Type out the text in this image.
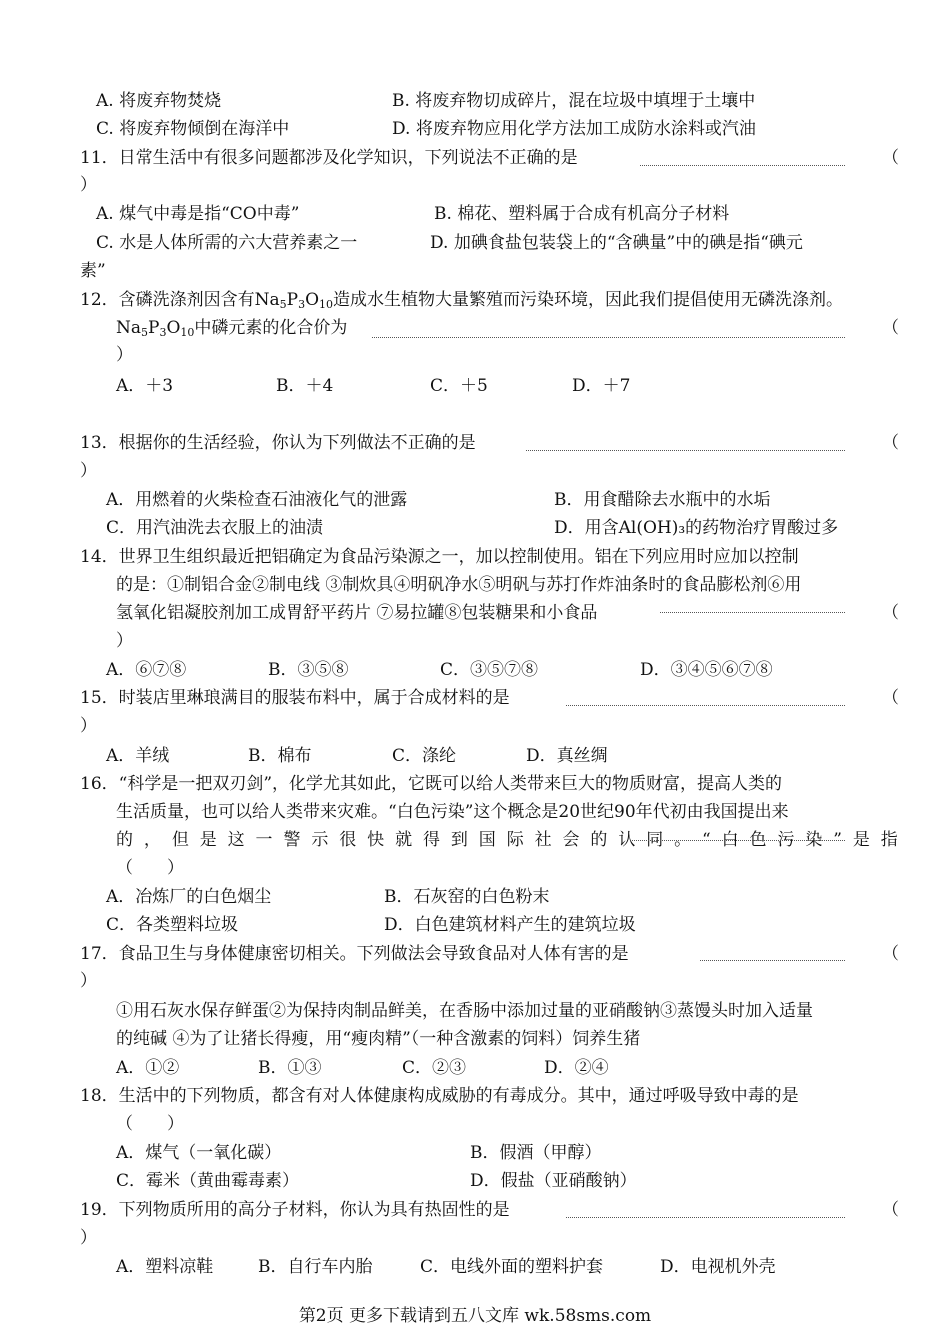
A. 将废弃物焚烧	B. 将废弃物切成碎片，混在垃圾中填埋于土壤中
C. 将废弃物倾倒在海洋中	D. 将废弃物应用化学方法加工成防水涂料或汽油
11．日常生活中有很多问题都涉及化学知识，下列说法不正确的是	（
）
A. 煤气中毒是指“CO中毒”	B. 棉花、塑料属于合成有机高分子材料
C. 水是人体所需的六大营养素之一	D. 加碘食盐包装袋上的“含碘量”中的碘是指“碘元
素”
12．含磷洗涤剂因含有$Na_5P_3O_{10}$造成水生植物大量繁殖而污染环境，因此我们提倡使用无磷洗涤剂。
$Na_5P_3O_{10}$中磷元素的化合价为	（
）
A．＋3	B．＋4	C．＋5	D．＋7
13．根据你的生活经验，你认为下列做法不正确的是	（
）
A．用燃着的火柴检查石油液化气的泄露	B．用食醋除去水瓶中的水垢
C．用汽油洗去衣服上的油渍	D．用含Al(OH)₃的药物治疗胃酸过多
14．世界卫生组织最近把铝确定为食品污染源之一，加以控制使用。铝在下列应用时应加以控制
的是：①制铝合金②制电线 ③制炊具④明矾净水⑤明矾与苏打作炸油条时的食品膨松剂⑥用
氢氧化铝凝胶剂加工成胃舒平药片 ⑦易拉罐⑧包装糖果和小食品	（
）
A．⑥⑦⑧	B．③⑤⑧	C．③⑤⑦⑧	D．③④⑤⑥⑦⑧
15．时装店里琳琅满目的服装布料中，属于合成材料的是	（
）
A．羊绒	B．棉布	C．涤纶	D．真丝绸
16．“科学是一把双刃剑”，化学尤其如此，它既可以给人类带来巨大的物质财富，提高人类的
生活质量，也可以给人类带来灾难。“白色污染”这个概念是20世纪90年代初由我国提出来
的 ， 但 是 这 一 警 示 很 快 就 得 到 国 际 社 会 的 认 同 。 “ 白 色 污 染 ” 是 指
（　　）
A．冶炼厂的白色烟尘	B．石灰窑的白色粉末
C．各类塑料垃圾	D．白色建筑材料产生的建筑垃圾
17．食品卫生与身体健康密切相关。下列做法会导致食品对人体有害的是	（
）
①用石灰水保存鲜蛋②为保持肉制品鲜美，在香肠中添加过量的亚硝酸钠③蒸馒头时加入适量
的纯碱 ④为了让猪长得瘦，用“瘦肉精”（一种含激素的饲料）饲养生猪
A．①②	B．①③	C．②③	D．②④
18．生活中的下列物质，都含有对人体健康构成威胁的有毒成分。其中，通过呼吸导致中毒的是
（　　）
A．煤气（一氧化碳）	B．假酒（甲醇）
C．霉米（黄曲霉毒素）	D．假盐（亚硝酸钠）
19．下列物质所用的高分子材料，你认为具有热固性的是	（
）
A．塑料凉鞋	B．自行车内胎	C．电线外面的塑料护套	D．电视机外壳
第2页 更多下载请到五八文库 wk.58sms.com
